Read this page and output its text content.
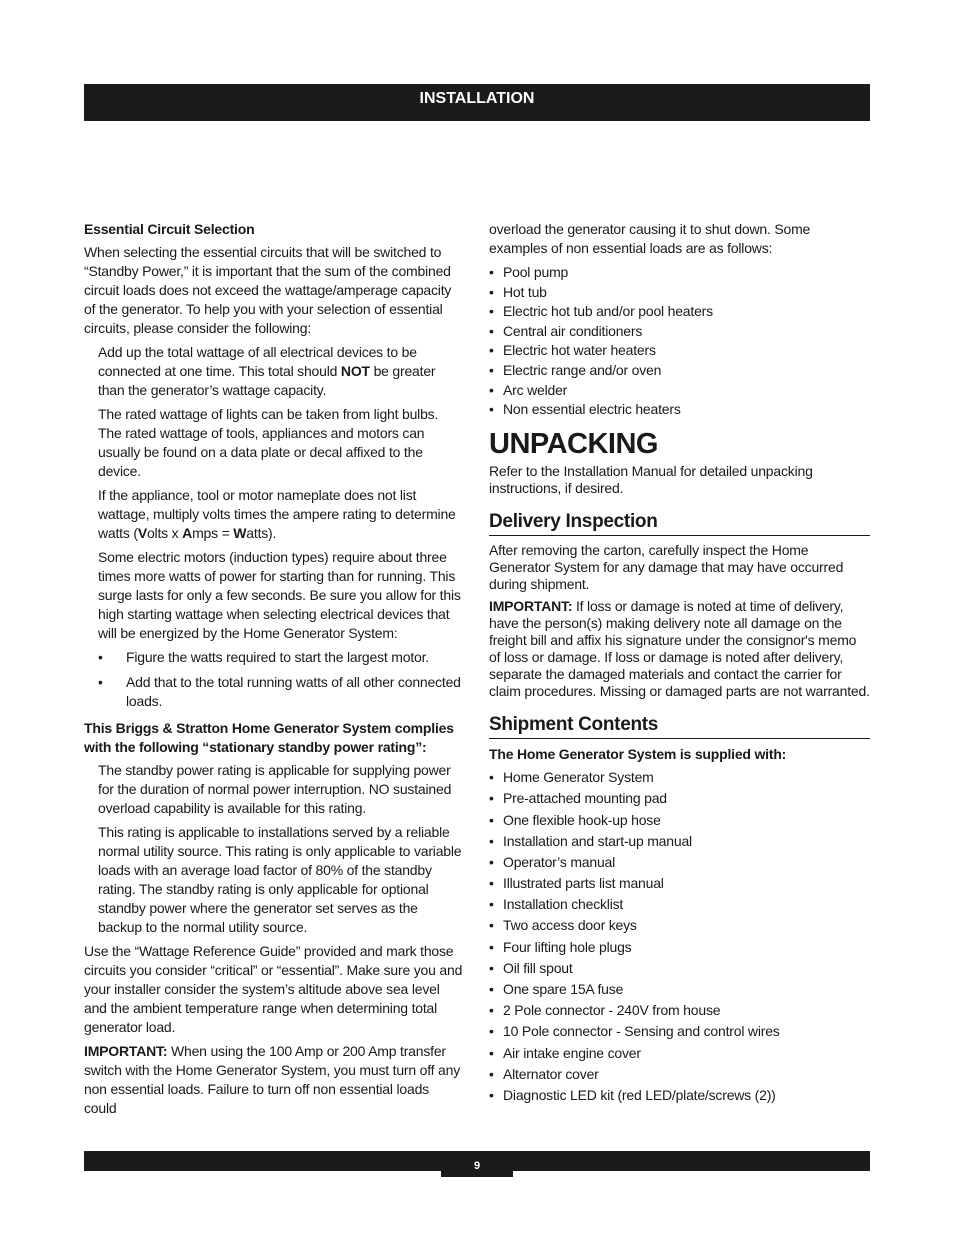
INSTALLATION
Essential Circuit Selection

When selecting the essential circuits that will be switched to “Standby Power,” it is important that the sum of the combined circuit loads does not exceed the wattage/amperage capacity of the generator. To help you with your selection of essential circuits, please consider the following:

Add up the total wattage of all electrical devices to be connected at one time. This total should NOT be greater than the generator’s wattage capacity.

The rated wattage of lights can be taken from light bulbs. The rated wattage of tools, appliances and motors can usually be found on a data plate or decal affixed to the device.

If the appliance, tool or motor nameplate does not list wattage, multiply volts times the ampere rating to determine watts (Volts x Amps = Watts).

Some electric motors (induction types) require about three times more watts of power for starting than for running. This surge lasts for only a few seconds. Be sure you allow for this high starting wattage when selecting electrical devices that will be energized by the Home Generator System:

• Figure the watts required to start the largest motor.
• Add that to the total running watts of all other connected loads.
This Briggs & Stratton Home Generator System complies with the following “stationary standby power rating”:

The standby power rating is applicable for supplying power for the duration of normal power interruption. NO sustained overload capability is available for this rating.

This rating is applicable to installations served by a reliable normal utility source. This rating is only applicable to variable loads with an average load factor of 80% of the standby rating. The standby rating is only applicable for optional standby power where the generator set serves as the backup to the normal utility source.

Use the “Wattage Reference Guide” provided and mark those circuits you consider “critical” or “essential”. Make sure you and your installer consider the system’s altitude above sea level and the ambient temperature range when determining total generator load.

IMPORTANT: When using the 100 Amp or 200 Amp transfer switch with the Home Generator System, you must turn off any non essential loads. Failure to turn off non essential loads could

overload the generator causing it to shut down. Some examples of non essential loads are as follows:

• Pool pump
• Hot tub
• Electric hot tub and/or pool heaters
• Central air conditioners
• Electric hot water heaters
• Electric range and/or oven
• Arc welder
• Non essential electric heaters
UNPACKING

Refer to the Installation Manual for detailed unpacking instructions, if desired.

Delivery Inspection

After removing the carton, carefully inspect the Home Generator System for any damage that may have occurred during shipment.

IMPORTANT: If loss or damage is noted at time of delivery, have the person(s) making delivery note all damage on the freight bill and affix his signature under the consignor's memo of loss or damage. If loss or damage is noted after delivery, separate the damaged materials and contact the carrier for claim procedures. Missing or damaged parts are not warranted.

Shipment Contents
The Home Generator System is supplied with:
• Home Generator System
• Pre-attached mounting pad
• One flexible hook-up hose
• Installation and start-up manual
• Operator’s manual
• Illustrated parts list manual
• Installation checklist
• Two access door keys
• Four lifting hole plugs
• Oil fill spout
• One spare 15A fuse
• 2 Pole connector - 240V from house
• 10 Pole connector - Sensing and control wires
• Air intake engine cover
• Alternator cover
• Diagnostic LED kit (red LED/plate/screws (2))
9
